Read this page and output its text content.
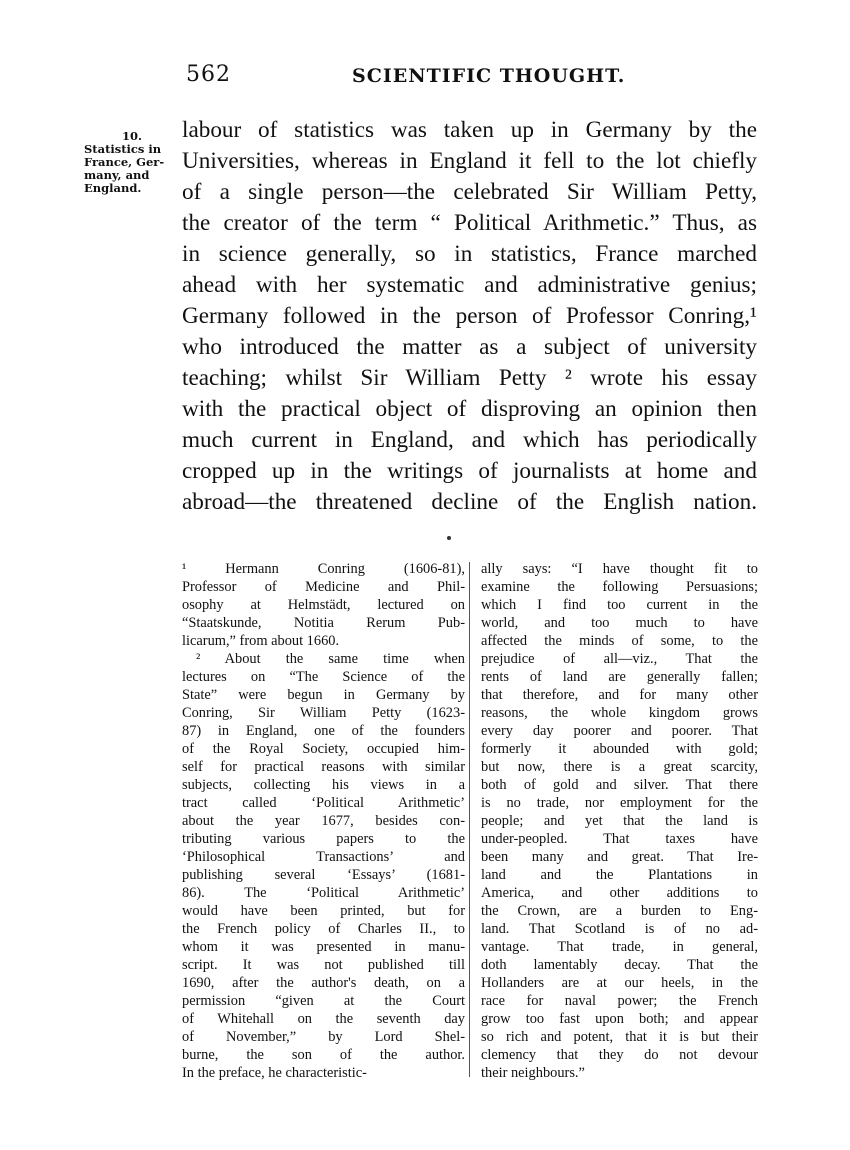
562	SCIENTIFIC THOUGHT.
10.
Statistics in
France, Ger-
many, and
England.
labour of statistics was taken up in Germany by the
Universities, whereas in England it fell to the lot chiefly
of a single person—the celebrated Sir William Petty,
the creator of the term “ Political Arithmetic.” Thus, as
in science generally, so in statistics, France marched
ahead with her systematic and administrative genius;
Germany followed in the person of Professor Conring,¹
who introduced the matter as a subject of university
teaching; whilst Sir William Petty ² wrote his essay
with the practical object of disproving an opinion then
much current in England, and which has periodically
cropped up in the writings of journalists at home and
abroad—the threatened decline of the English nation.
¹ Hermann Conring (1606-81),
Professor of Medicine and Phil-
osophy at Helmstädt, lectured on
“Staatskunde, Notitia Rerum Pub-
licarum,” from about 1660.
² About the same time when
lectures on “The Science of the
State” were begun in Germany by
Conring, Sir William Petty (1623-
87) in England, one of the founders
of the Royal Society, occupied him-
self for practical reasons with similar
subjects, collecting his views in a
tract called ‘Political Arithmetic’
about the year 1677, besides con-
tributing various papers to the
‘Philosophical Transactions’ and
publishing several ‘Essays’ (1681-
86). The ‘Political Arithmetic’
would have been printed, but for
the French policy of Charles II., to
whom it was presented in manu-
script. It was not published till
1690, after the author's death, on a
permission “given at the Court
of Whitehall on the seventh day
of November,” by Lord Shel-
burne, the son of the author.
In the preface, he characteristic-
ally says: “I have thought fit to
examine the following Persuasions;
which I find too current in the
world, and too much to have
affected the minds of some, to the
prejudice of all—viz., That the
rents of land are generally fallen;
that therefore, and for many other
reasons, the whole kingdom grows
every day poorer and poorer. That
formerly it abounded with gold;
but now, there is a great scarcity,
both of gold and silver. That there
is no trade, nor employment for the
people; and yet that the land is
under-peopled. That taxes have
been many and great. That Ire-
land and the Plantations in
America, and other additions to
the Crown, are a burden to Eng-
land. That Scotland is of no ad-
vantage. That trade, in general,
doth lamentably decay. That the
Hollanders are at our heels, in the
race for naval power; the French
grow too fast upon both; and appear
so rich and potent, that it is but their
clemency that they do not devour
their neighbours.”
